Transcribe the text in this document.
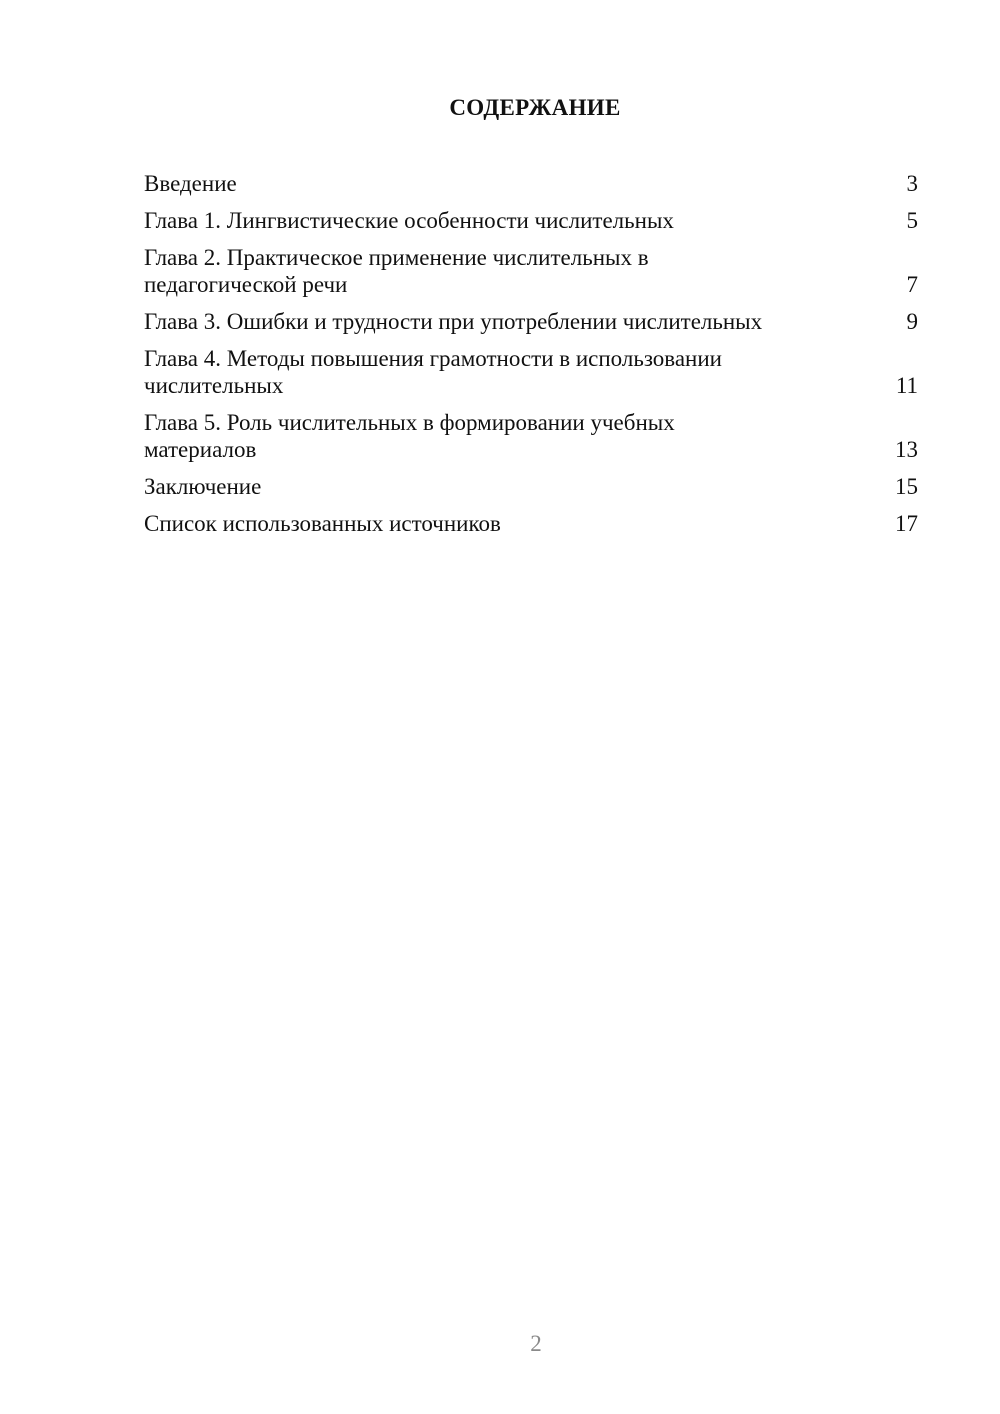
СОДЕРЖАНИЕ
Введение	3
Глава 1. Лингвистические особенности числительных	5
Глава 2. Практическое применение числительных в педагогической речи	7
Глава 3. Ошибки и трудности при употреблении числительных	9
Глава 4. Методы повышения грамотности в использовании числительных	11
Глава 5. Роль числительных в формировании учебных материалов	13
Заключение	15
Список использованных источников	17
2
